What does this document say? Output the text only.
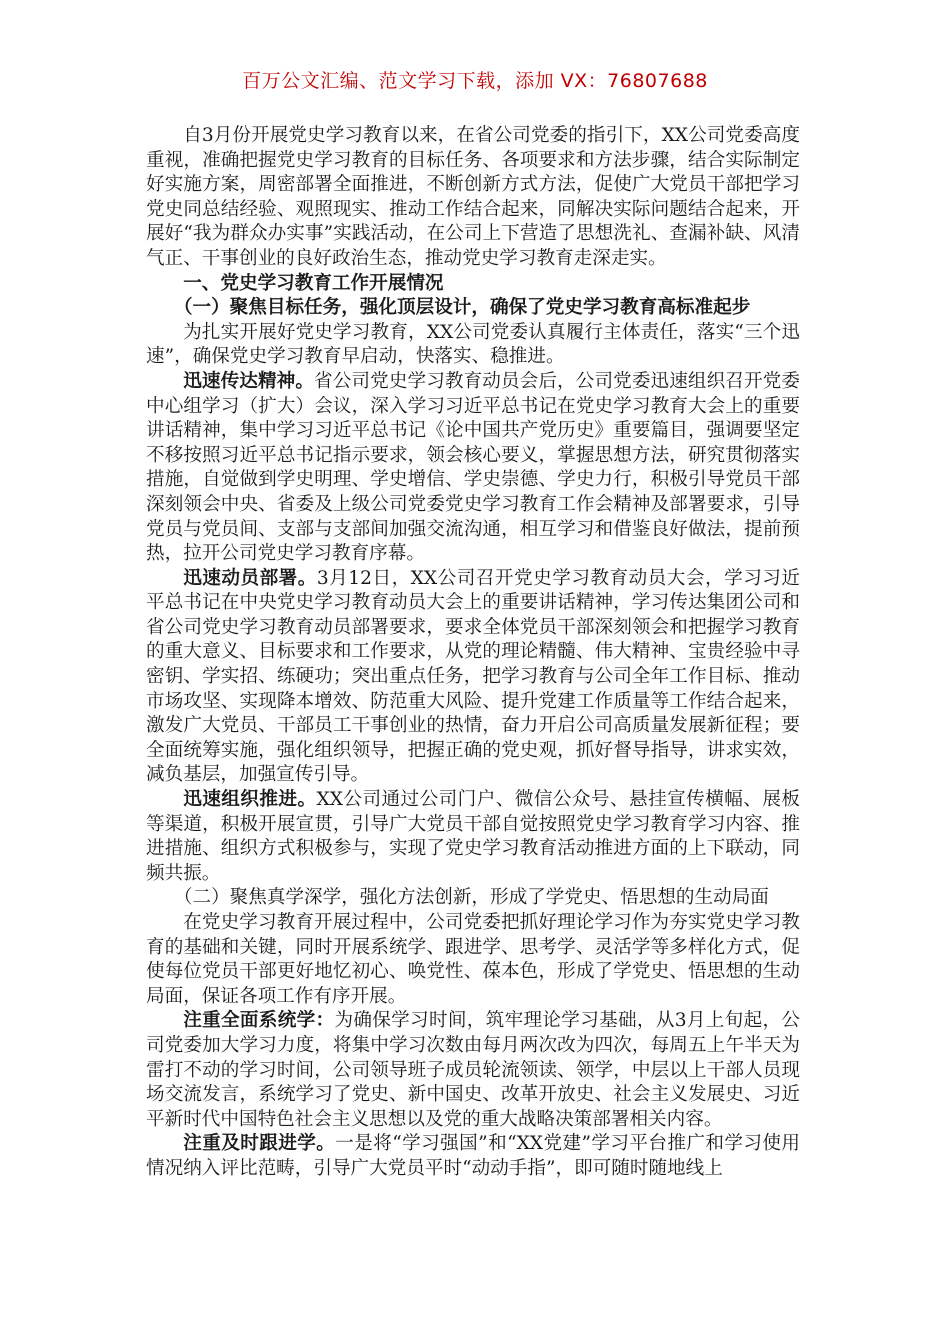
百万公文汇编、范文学习下载，添加 VX：76807688

自3月份开展党史学习教育以来，在省公司党委的指引下，XX公司党委高度重视，准确把握党史学习教育的目标任务、各项要求和方法步骤，结合实际制定好实施方案，周密部署全面推进，不断创新方式方法，促使广大党员干部把学习党史同总结经验、观照现实、推动工作结合起来，同解决实际问题结合起来，开展好“我为群众办实事”实践活动，在公司上下营造了思想洗礼、查漏补缺、风清气正、干事创业的良好政治生态，推动党史学习教育走深走实。

一、党史学习教育工作开展情况

（一）聚焦目标任务，强化顶层设计，确保了党史学习教育高标准起步

为扎实开展好党史学习教育，XX公司党委认真履行主体责任，落实“三个迅速”，确保党史学习教育早启动，快落实、稳推进。

迅速传达精神。省公司党史学习教育动员会后，公司党委迅速组织召开党委中心组学习（扩大）会议，深入学习习近平总书记在党史学习教育大会上的重要讲话精神，集中学习习近平总书记《论中国共产党历史》重要篇目，强调要坚定不移按照习近平总书记指示要求，领会核心要义，掌握思想方法，研究贯彻落实措施，自觉做到学史明理、学史增信、学史崇德、学史力行，积极引导党员干部深刻领会中央、省委及上级公司党委党史学习教育工作会精神及部署要求，引导党员与党员间、支部与支部间加强交流沟通，相互学习和借鉴良好做法，提前预热，拉开公司党史学习教育序幕。

迅速动员部署。3月12日，XX公司召开党史学习教育动员大会，学习习近平总书记在中央党史学习教育动员大会上的重要讲话精神，学习传达集团公司和省公司党史学习教育动员部署要求，要求全体党员干部深刻领会和把握学习教育的重大意义、目标要求和工作要求，从党的理论精髓、伟大精神、宝贵经验中寻密钥、学实招、练硬功；突出重点任务，把学习教育与公司全年工作目标、推动市场攻坚、实现降本增效、防范重大风险、提升党建工作质量等工作结合起来，激发广大党员、干部员工干事创业的热情，奋力开启公司高质量发展新征程；要全面统筹实施，强化组织领导，把握正确的党史观，抓好督导指导，讲求实效，减负基层，加强宣传引导。

迅速组织推进。XX公司通过公司门户、微信公众号、悬挂宣传横幅、展板等渠道，积极开展宣贯，引导广大党员干部自觉按照党史学习教育学习内容、推进措施、组织方式积极参与，实现了党史学习教育活动推进方面的上下联动，同频共振。

（二）聚焦真学深学，强化方法创新，形成了学党史、悟思想的生动局面

在党史学习教育开展过程中，公司党委把抓好理论学习作为夯实党史学习教育的基础和关键，同时开展系统学、跟进学、思考学、灵活学等多样化方式，促使每位党员干部更好地忆初心、唤党性、葆本色，形成了学党史、悟思想的生动局面，保证各项工作有序开展。

注重全面系统学：为确保学习时间，筑牢理论学习基础，从3月上旬起，公司党委加大学习力度，将集中学习次数由每月两次改为四次，每周五上午半天为雷打不动的学习时间，公司领导班子成员轮流领读、领学，中层以上干部人员现场交流发言，系统学习了党史、新中国史、改革开放史、社会主义发展史、习近平新时代中国特色社会主义思想以及党的重大战略决策部署相关内容。

注重及时跟进学。一是将“学习强国”和“XX党建”学习平台推广和学习使用情况纳入评比范畴，引导广大党员平时“动动手指”，即可随时随地线上
